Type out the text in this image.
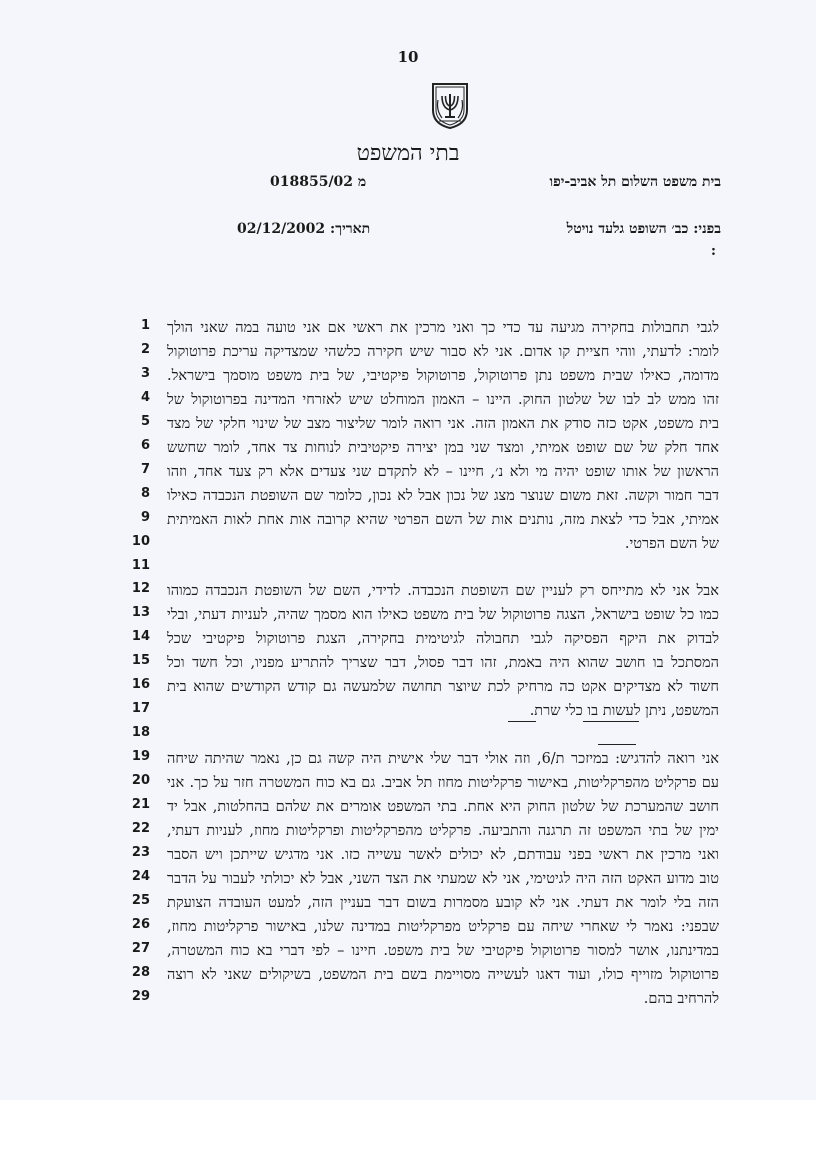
10
בתי המשפט
בית משפט השלום תל אביב-יפו
מ 018855/02
בפני: כב׳ השופט גלעד נויטל
תאריך: 02/12/2002
:
1 לגבי תחבולות בחקירה מגיעה עד כדי כך ואני מרכין את ראשי אם אני טועה במה שאני הולך
2 לומר: לדעתי, ווהי חציית קו אדום. אני לא סבור שיש חקירה כלשהי שמצדיקה עריכת פרוטוקול
3 מדומה, כאילו שבית משפט נתן פרוטוקול, פרוטוקול פיקטיבי, של בית משפט מוסמך בישראל.
4 זהו ממש לב לבו של שלטון החוק. היינו – האמון המוחלט שיש לאזרחי המדינה בפרוטוקול של
5 בית משפט, אקט כזה סודק את האמון הזה. אני רואה לומר שליצור מצב של שינוי חלקי של מצד
6 אחד חלק של שם שופט אמיתי, ומצד שני במן יצירה פיקטיבית לנוחות צד אחד, לומר שחשש
7 הראשון של אותו שופט יהיה מי ולא נ׳, חיינו – לא לתקדם שני צעדים אלא רק צעד אחד, וזהו
8 דבר חמור וקשה. זאת משום שנוצר מצג של נכון אבל לא נכון, כלומר שם השופטת הנכבדה כאילו
9 אמיתי, אבל כדי לצאת מזה, נותנים אות של השם הפרטי שהיא קרובה אות אחת לאות האמיתית
10	של השם הפרטי.
11
12 אבל אני לא מתייחס רק לעניין שם השופטת הנכבדה. לדידי, השם של השופטת הנכבדה כמוהו
13 כמו כל שופט בישראל, הצגה פרוטוקול של בית משפט כאילו הוא מסמך שהיה, לעניות דעתי, ובלי
14 לבדוק את היקף הפסיקה לגבי תחבולה לגיטימית בחקירה, הצגת פרוטוקול פיקטיבי שכל
15 המסתכל בו חושב שהוא היה באמת, זהו דבר פסול, דבר שצריך להתריע מפניו, וכל חשד וכל
16 חשוד לא מצדיקים אקט כה מרחיק לכת שיוצר תחושה שלמעשה גם קודש הקודשים שהוא בית
17	המשפט, ניתן לעשות בו כלי שרת.
18
19 אני רואה להדגיש: במיזכר ת/6, וזה אולי דבר שלי אישית היה קשה גם כן, נאמר שהיתה שיחה
20 עם פרקליט מהפרקליטות, באישור פרקליטות מחוז תל אביב. גם בא כוח המשטרה חזר על כך. אני
21 חושב שהמערכת של שלטון החוק היא אחת. בתי המשפט אומרים את שלהם בהחלטות, אבל יד
22 ימין של בתי המשפט זה תרגנה והתביעה. פרקליט מהפרקליטות ופרקליטות מחוז, לעניות דעתי,
23 ואני מרכין את ראשי בפני עבודתם, לא יכולים לאשר עשייה כזו. אני מדגיש שייתכן ויש הסבר
24 טוב מדוע האקט הזה היה לגיטימי, אני לא שמעתי את הצד השני, אבל לא יכולתי לעבור על הדבר
25 הזה בלי לומר את דעתי. אני לא קובע מסמרות בשום דבר בעניין הזה, למעט העובדה הצועקת
26 שבפני: נאמר לי שאחרי שיחה עם פרקליט מפרקליטות במדינה שלנו, באישור פרקליטות מחוז,
27 במדינתנו, אושר למסור פרוטוקול פיקטיבי של בית משפט. חיינו – לפי דברי בא כוח המשטרה,
28 פרוטוקול מזוייף כולו, ועוד דאגו לעשייה מסויימת בשם בית המשפט, בשיקולים שאני לא רוצה
29	להרחיב בהם.
